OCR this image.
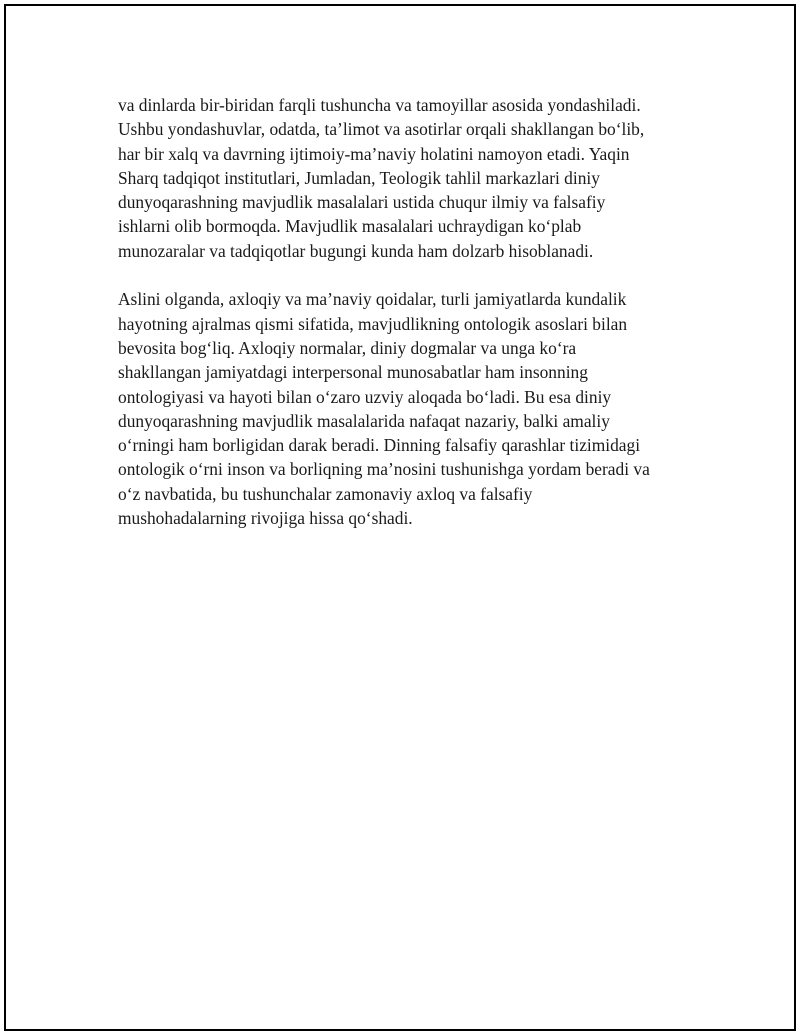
va dinlarda bir-biridan farqli tushuncha va tamoyillar asosida yondashiladi.
Ushbu yondashuvlar, odatda, ta’limot va asotirlar orqali shakllangan bo‘lib,
har bir xalq va davrning ijtimoiy-ma’naviy holatini namoyon etadi. Yaqin
Sharq tadqiqot institutlari, Jumladan, Teologik tahlil markazlari diniy
dunyoqarashning mavjudlik masalalari ustida chuqur ilmiy va falsafiy
ishlarni olib bormoqda. Mavjudlik masalalari uchraydigan ko‘plab
munozaralar va tadqiqotlar bugungi kunda ham dolzarb hisoblanadi.

Aslini olganda, axloqiy va ma’naviy qoidalar, turli jamiyatlarda kundalik
hayotning ajralmas qismi sifatida, mavjudlikning ontologik asoslari bilan
bevosita bog‘liq. Axloqiy normalar, diniy dogmalar va unga ko‘ra
shakllangan jamiyatdagi interpersonal munosabatlar ham insonning
ontologiyasi va hayoti bilan o‘zaro uzviy aloqada bo‘ladi. Bu esa diniy
dunyoqarashning mavjudlik masalalarida nafaqat nazariy, balki amaliy
o‘rningi ham borligidan darak beradi. Dinning falsafiy qarashlar tizimidagi
ontologik o‘rni inson va borliqning ma’nosini tushunishga yordam beradi va
o‘z navbatida, bu tushunchalar zamonaviy axloq va falsafiy
mushohadalarning rivojiga hissa qo‘shadi.
